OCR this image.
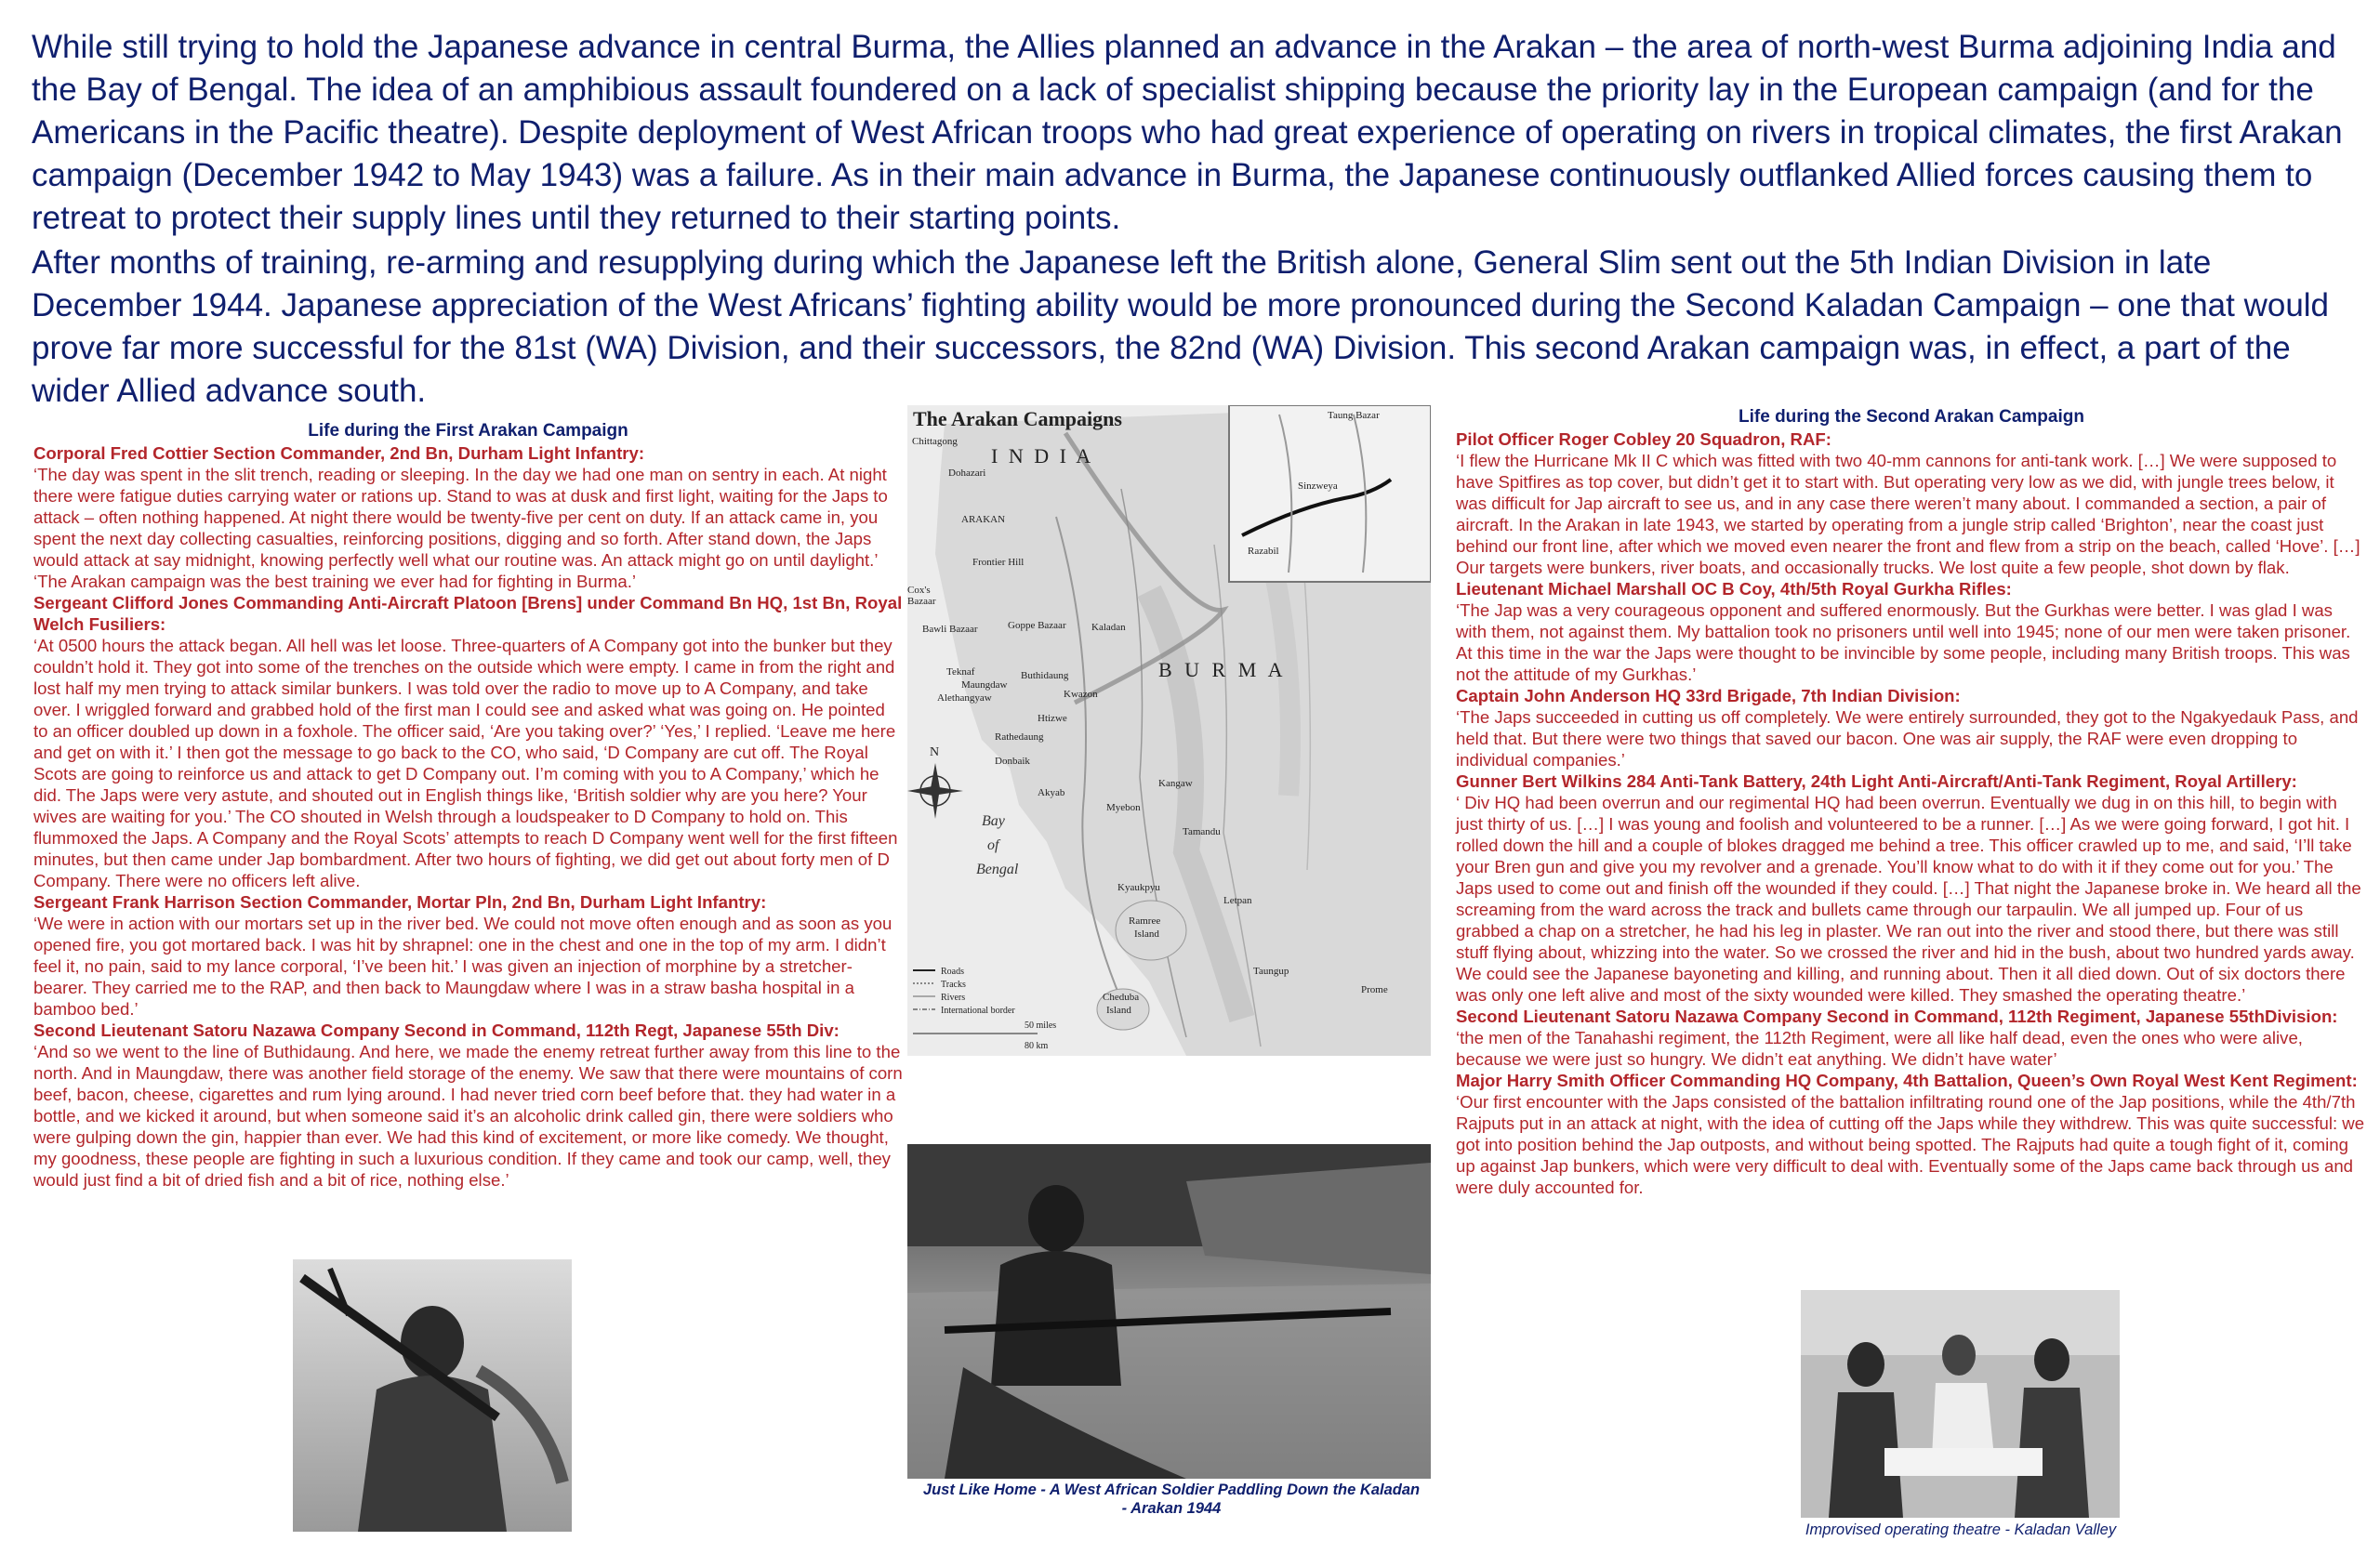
While still trying to hold the Japanese advance in central Burma, the Allies planned an advance in the Arakan – the area of north-west Burma adjoining India and the Bay of Bengal. The idea of an amphibious assault foundered on a lack of specialist shipping because the priority lay in the European campaign (and for the Americans in the Pacific theatre). Despite deployment of West African troops who had great experience of operating on rivers in tropical climates, the first Arakan campaign (December 1942 to May 1943) was a failure. As in their main advance in Burma, the Japanese continuously outflanked Allied forces causing them to retreat to protect their supply lines until they returned to their starting points.

After months of training, re-arming and resupplying during which the Japanese left the British alone, General Slim sent out the 5th Indian Division in late December 1944. Japanese appreciation of the West Africans’ fighting ability would be more pronounced during the Second Kaladan Campaign – one that would prove far more successful for the 81st (WA) Division, and their successors, the 82nd (WA) Division. This second Arakan campaign was, in effect, a part of the wider Allied advance south.

Life during the First Arakan Campaign

Corporal Fred Cottier Section Commander, 2nd Bn, Durham Light Infantry:

‘The day was spent in the slit trench, reading or sleeping. In the day we had one man on sentry in each. At night there were fatigue duties carrying water or rations up. Stand to was at dusk and first light, waiting for the Japs to attack – often nothing happened. At night there would be twenty-five per cent on duty. If an attack came in, you spent the next day collecting casualties, reinforcing positions, digging and so forth. After stand down, the Japs would attack at say midnight, knowing perfectly well what our routine was. An attack might go on until daylight.’
‘The Arakan campaign was the best training we ever had for fighting in Burma.’

Sergeant Clifford Jones Commanding Anti-Aircraft Platoon [Brens] under Command Bn HQ, 1st Bn, Royal Welch Fusiliers:

‘At 0500 hours the attack began. All hell was let loose. Three-quarters of A Company got into the bunker but they couldn’t hold it. They got into some of the trenches on the outside which were empty. I came in from the right and lost half my men trying to attack similar bunkers. I was told over the radio to move up to A Company, and take over. I wriggled forward and grabbed hold of the first man I could see and asked what was going on. He pointed to an officer doubled up down in a foxhole. The officer said, ‘Are you taking over?’ ‘Yes,’ I replied. ‘Leave me here and get on with it.’ I then got the message to go back to the CO, who said, ‘D Company are cut off. The Royal Scots are going to reinforce us and attack to get D Company out. I’m coming with you to A Company,’ which he did. The Japs were very astute, and shouted out in English things like, ‘British soldier why are you here? Your wives are waiting for you.’ The CO shouted in Welsh through a loudspeaker to D Company to hold on. This flummoxed the Japs. A Company and the Royal Scots’ attempts to reach D Company went well for the first fifteen minutes, but then came under Jap bombardment. After two hours of fighting, we did get out about forty men of D Company. There were no officers left alive.

Sergeant Frank Harrison Section Commander, Mortar Pln, 2nd Bn, Durham Light Infantry:

‘We were in action with our mortars set up in the river bed. We could not move often enough and as soon as you opened fire, you got mortared back. I was hit by shrapnel: one in the chest and one in the top of my arm. I didn’t feel it, no pain, said to my lance corporal, ‘I’ve been hit.’ I was given an injection of morphine by a stretcher-bearer. They carried me to the RAP, and then back to Maungdaw where I was in a straw basha hospital in a bamboo bed.’

Second Lieutenant Satoru Nazawa Company Second in Command, 112th Regt, Japanese 55th Div:

‘And so we went to the line of Buthidaung. And here, we made the enemy retreat further away from this line to the north. And in Maungdaw, there was another field storage of the enemy. We saw that there were mountains of corn beef, bacon, cheese, cigarettes and rum lying around. I had never tried corn beef before that. they had water in a bottle, and we kicked it around, but when someone said it’s an alcoholic drink called gin, there were soldiers who were gulping down the gin, happier than ever. We had this kind of excitement, or more like comedy. We thought, my goodness, these people are fighting in such a luxurious condition. If they came and took our camp, well, they would just find a bit of dried fish and a bit of rice, nothing else.’

Life during the Second Arakan Campaign

Pilot Officer Roger Cobley 20 Squadron, RAF:

‘I flew the Hurricane Mk II C which was fitted with two 40-mm cannons for anti-tank work. […] We were supposed to have Spitfires as top cover, but didn’t get it to start with. But operating very low as we did, with jungle trees below, it was difficult for Jap aircraft to see us, and in any case there weren’t many about. I commanded a section, a pair of aircraft. In the Arakan in late 1943, we started by operating from a jungle strip called ‘Brighton’, near the coast just behind our front line, after which we moved even nearer the front and flew from a strip on the beach, called ‘Hove’. […] Our targets were bunkers, river boats, and occasionally trucks. We lost quite a few people, shot down by flak.

Lieutenant Michael Marshall OC B Coy, 4th/5th Royal Gurkha Rifles:

‘The Jap was a very courageous opponent and suffered enormously. But the Gurkhas were better. I was glad I was with them, not against them. My battalion took no prisoners until well into 1945; none of our men were taken prisoner. At this time in the war the Japs were thought to be invincible by some people, including many British troops. This was not the attitude of my Gurkhas.’

Captain John Anderson HQ 33rd Brigade, 7th Indian Division:

‘The Japs succeeded in cutting us off completely. We were entirely surrounded, they got to the Ngakyedauk Pass, and held that. But there were two things that saved our bacon. One was air supply, the RAF were even dropping to individual companies.’

Gunner Bert Wilkins 284 Anti-Tank Battery, 24th Light Anti-Aircraft/Anti-Tank Regiment, Royal Artillery:

‘ Div HQ had been overrun and our regimental HQ had been overrun. Eventually we dug in on this hill, to begin with just thirty of us. […] I was young and foolish and volunteered to be a runner. […] As we were going forward, I got hit. I rolled down the hill and a couple of blokes dragged me behind a tree. This officer crawled up to me, and said, ‘I’ll take your Bren gun and give you my revolver and a grenade. You’ll know what to do with it if they come out for you.’ The Japs used to come out and finish off the wounded if they could. […] That night the Japanese broke in. We heard all the screaming from the ward across the track and bullets came through our tarpaulin. We all jumped up. Four of us grabbed a chap on a stretcher, he had his leg in plaster. We ran out into the river and stood there, but there was still stuff flying about, whizzing into the water. So we crossed the river and hid in the bush, about two hundred yards away. We could see the Japanese bayoneting and killing, and running about. Then it all died down. Out of six doctors there was only one left alive and most of the sixty wounded were killed. They smashed the operating theatre.’

Second Lieutenant Satoru Nazawa Company Second in Command, 112th Regiment, Japanese 55thDivision:

‘the men of the Tanahashi regiment, the 112th Regiment, were all like half dead, even the ones who were alive, because we were just so hungry. We didn’t eat anything. We didn’t have water’

Major Harry Smith Officer Commanding HQ Company, 4th Battalion, Queen’s Own Royal West Kent Regiment:

‘Our first encounter with the Japs consisted of the battalion infiltrating round one of the Jap positions, while the 4th/7th Rajputs put in an attack at night, with the idea of cutting off the Japs while they withdrew. This was quite successful: we got into position behind the Jap outposts, and without being spotted. The Rajputs had quite a tough fight of it, coming up against Jap bunkers, which were very difficult to deal with. Eventually some of the Japs came back through us and were duly accounted for.

The Arakan Campaigns
I N D I A
B U R M A
Bay
of
Bengal
N
Chittagong
Dohazari
ARAKAN
Frontier Hill
Cox's
Bazaar
Bawli Bazaar	Goppe Bazaar Kaladan
Teknaf
Maungdaw
Alethangyaw
Buthidaung
Kwazon
Htizwe
Rathedaung
Donbaik
Akyab
Myebon
Kangaw
Tamandu
Kyaukpyu
Ramree
Island
Cheduba
Island
Taungup
Prome
Letpan
Taung Bazar
Sinzweya
Razabil
Roads
Tracks
Rivers
International border
50 miles
80 km
Just Like Home - A West African Soldier Paddling Down the Kaladan - Arakan 1944
Improvised operating theatre - Kaladan Valley
